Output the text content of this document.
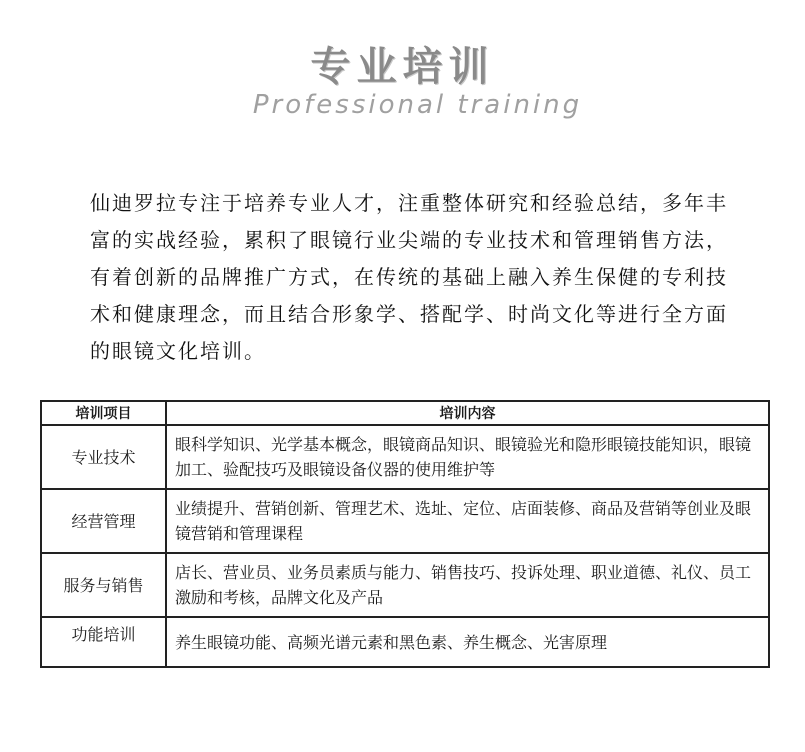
专业培训
Professional training

仙迪罗拉专注于培养专业人才，注重整体研究和经验总结，多年丰富的实战经验，累积了眼镜行业尖端的专业技术和管理销售方法，有着创新的品牌推广方式，在传统的基础上融入养生保健的专利技术和健康理念，而且结合形象学、搭配学、时尚文化等进行全方面的眼镜文化培训。

培训项目	培训内容
专业技术	眼科学知识、光学基本概念，眼镜商品知识、眼镜验光和隐形眼镜技能知识，眼镜加工、验配技巧及眼镜设备仪器的使用维护等
经营管理	业绩提升、营销创新、管理艺术、选址、定位、店面装修、商品及营销等创业及眼镜营销和管理课程
服务与销售	店长、营业员、业务员素质与能力、销售技巧、投诉处理、职业道德、礼仪、员工激励和考核，品牌文化及产品
功能培训	养生眼镜功能、高频光谱元素和黑色素、养生概念、光害原理
